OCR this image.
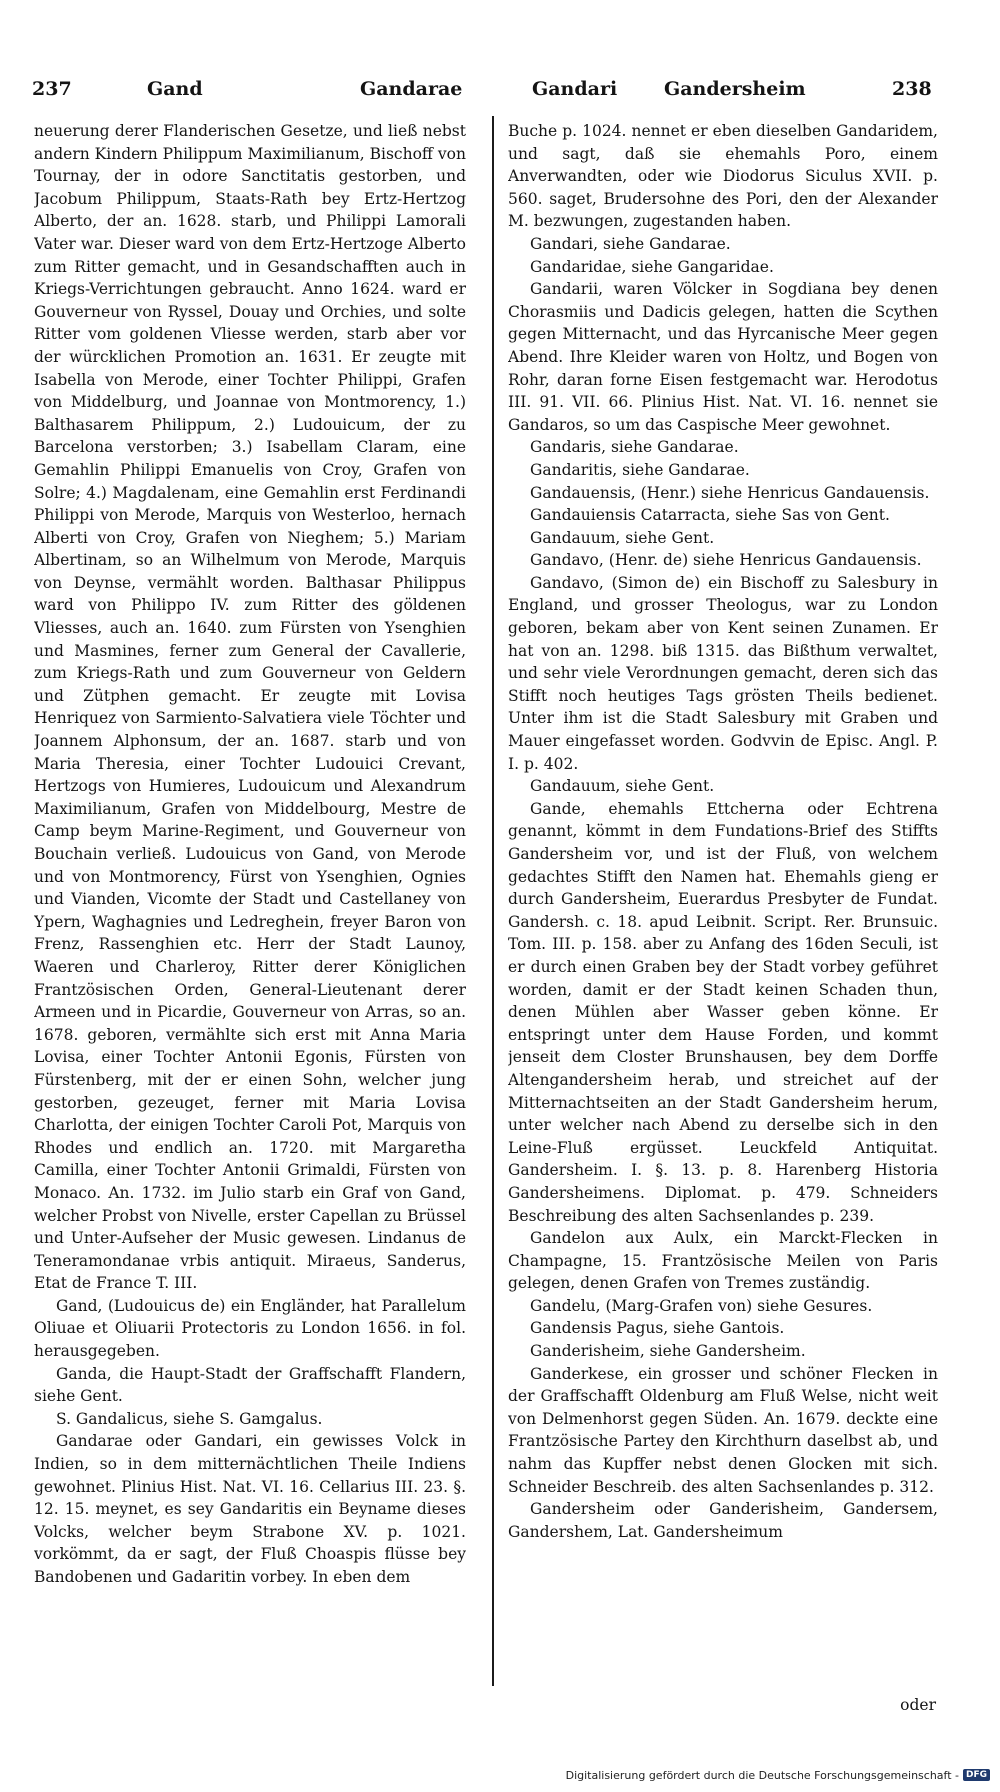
237	Gand	Gandarae	Gandari Gandersheim	238

neuerung derer Flanderischen Gesetze, und ließ nebst andern Kindern Philippum Maximilianum, Bischoff von Tournay, der in odore Sanctitatis gestorben, und Jacobum Philippum, Staats-Rath bey Ertz-Hertzog Alberto, der an. 1628. starb, und Philippi Lamorali Vater war. Dieser ward von dem Ertz-Hertzoge Alberto zum Ritter gemacht, und in Gesandschafften auch in Kriegs-Verrichtungen gebraucht. Anno 1624. ward er Gouverneur von Ryssel, Douay und Orchies, und solte Ritter vom goldenen Vliesse werden, starb aber vor der würcklichen Promotion an. 1631. Er zeugte mit Isabella von Merode, einer Tochter Philippi, Grafen von Middelburg, und Joannae von Montmorency, 1.) Balthasarem Philippum, 2.) Ludouicum, der zu Barcelona verstorben; 3.) Isabellam Claram, eine Gemahlin Philippi Emanuelis von Croy, Grafen von Solre; 4.) Magdalenam, eine Gemahlin erst Ferdinandi Philippi von Merode, Marquis von Westerloo, hernach Alberti von Croy, Grafen von Nieghem; 5.) Mariam Albertinam, so an Wilhelmum von Merode, Marquis von Deynse, vermählt worden. Balthasar Philippus ward von Philippo IV. zum Ritter des göldenen Vliesses, auch an. 1640. zum Fürsten von Ysenghien und Masmines, ferner zum General der Cavallerie, zum Kriegs-Rath und zum Gouverneur von Geldern und Zütphen gemacht. Er zeugte mit Lovisa Henriquez von Sarmiento-Salvatiera viele Töchter und Joannem Alphonsum, der an. 1687. starb und von Maria Theresia, einer Tochter Ludouici Crevant, Hertzogs von Humieres, Ludouicum und Alexandrum Maximilianum, Grafen von Middelbourg, Mestre de Camp beym Marine-Regiment, und Gouverneur von Bouchain verließ. Ludouicus von Gand, von Merode und von Montmorency, Fürst von Ysenghien, Ognies und Vianden, Vicomte der Stadt und Castellaney von Ypern, Waghagnies und Ledreghein, freyer Baron von Frenz, Rassenghien etc. Herr der Stadt Launoy, Waeren und Charleroy, Ritter derer Königlichen Frantzösischen Orden, General-Lieutenant derer Armeen und in Picardie, Gouverneur von Arras, so an. 1678. geboren, vermählte sich erst mit Anna Maria Lovisa, einer Tochter Antonii Egonis, Fürsten von Fürstenberg, mit der er einen Sohn, welcher jung gestorben, gezeuget, ferner mit Maria Lovisa Charlotta, der einigen Tochter Caroli Pot, Marquis von Rhodes und endlich an. 1720. mit Margaretha Camilla, einer Tochter Antonii Grimaldi, Fürsten von Monaco. An. 1732. im Julio starb ein Graf von Gand, welcher Probst von Nivelle, erster Capellan zu Brüssel und Unter-Aufseher der Music gewesen. Lindanus de Teneramondanae vrbis antiquit. Miraeus, Sanderus, Etat de France T. III.

Gand, (Ludouicus de) ein Engländer, hat Parallelum Oliuae et Oliuarii Protectoris zu London 1656. in fol. herausgegeben.

Ganda, die Haupt-Stadt der Graffschafft Flandern, siehe Gent.

S. Gandalicus, siehe S. Gamgalus.

Gandarae oder Gandari, ein gewisses Volck in Indien, so in dem mitternächtlichen Theile Indiens gewohnet. Plinius Hist. Nat. VI. 16. Cellarius III. 23. §. 12. 15. meynet, es sey Gandaritis ein Beyname dieses Volcks, welcher beym Strabone XV. p. 1021. vorkömmt, da er sagt, der Fluß Choaspis flüsse bey Bandobenen und Gadaritin vorbey. In eben dem

Buche p. 1024. nennet er eben dieselben Gandaridem, und sagt, daß sie ehemahls Poro, einem Anverwandten, oder wie Diodorus Siculus XVII. p. 560. saget, Brudersohne des Pori, den der Alexander M. bezwungen, zugestanden haben.

Gandari, siehe Gandarae.

Gandaridae, siehe Gangaridae.

Gandarii, waren Völcker in Sogdiana bey denen Chorasmiis und Dadicis gelegen, hatten die Scythen gegen Mitternacht, und das Hyrcanische Meer gegen Abend. Ihre Kleider waren von Holtz, und Bogen von Rohr, daran forne Eisen festgemacht war. Herodotus III. 91. VII. 66. Plinius Hist. Nat. VI. 16. nennet sie Gandaros, so um das Caspische Meer gewohnet.

Gandaris, siehe Gandarae.

Gandaritis, siehe Gandarae.

Gandauensis, (Henr.) siehe Henricus Gandauensis.

Gandauiensis Catarracta, siehe Sas von Gent.

Gandauum, siehe Gent.

Gandavo, (Henr. de) siehe Henricus Gandauensis.

Gandavo, (Simon de) ein Bischoff zu Salesbury in England, und grosser Theologus, war zu London geboren, bekam aber von Kent seinen Zunamen. Er hat von an. 1298. biß 1315. das Bißthum verwaltet, und sehr viele Verordnungen gemacht, deren sich das Stifft noch heutiges Tags grösten Theils bedienet. Unter ihm ist die Stadt Salesbury mit Graben und Mauer eingefasset worden. Godvvin de Episc. Angl. P. I. p. 402.

Gandauum, siehe Gent.

Gande, ehemahls Ettcherna oder Echtrena genannt, kömmt in dem Fundations-Brief des Stiffts Gandersheim vor, und ist der Fluß, von welchem gedachtes Stifft den Namen hat. Ehemahls gieng er durch Gandersheim, Euerardus Presbyter de Fundat. Gandersh. c. 18. apud Leibnit. Script. Rer. Brunsuic. Tom. III. p. 158. aber zu Anfang des 16den Seculi, ist er durch einen Graben bey der Stadt vorbey geführet worden, damit er der Stadt keinen Schaden thun, denen Mühlen aber Wasser geben könne. Er entspringt unter dem Hause Forden, und kommt jenseit dem Closter Brunshausen, bey dem Dorffe Altengandersheim herab, und streichet auf der Mitternachtseiten an der Stadt Gandersheim herum, unter welcher nach Abend zu derselbe sich in den Leine-Fluß ergüsset. Leuckfeld Antiquitat. Gandersheim. I. §. 13. p. 8. Harenberg Historia Gandersheimens. Diplomat. p. 479. Schneiders Beschreibung des alten Sachsenlandes p. 239.

Gandelon aux Aulx, ein Marckt-Flecken in Champagne, 15. Frantzösische Meilen von Paris gelegen, denen Grafen von Tremes zuständig.

Gandelu, (Marg-Grafen von) siehe Gesures.

Gandensis Pagus, siehe Gantois.

Ganderisheim, siehe Gandersheim.

Ganderkese, ein grosser und schöner Flecken in der Graffschafft Oldenburg am Fluß Welse, nicht weit von Delmenhorst gegen Süden. An. 1679. deckte eine Frantzösische Partey den Kirchthurn daselbst ab, und nahm das Kupffer nebst denen Glocken mit sich. Schneider Beschreib. des alten Sachsenlandes p. 312.

Gandersheim oder Ganderisheim, Gandersem, Gandershem, Lat. Gandersheimum

oder
Digitalisierung gefördert durch die Deutsche Forschungsgemeinschaft - DFG
